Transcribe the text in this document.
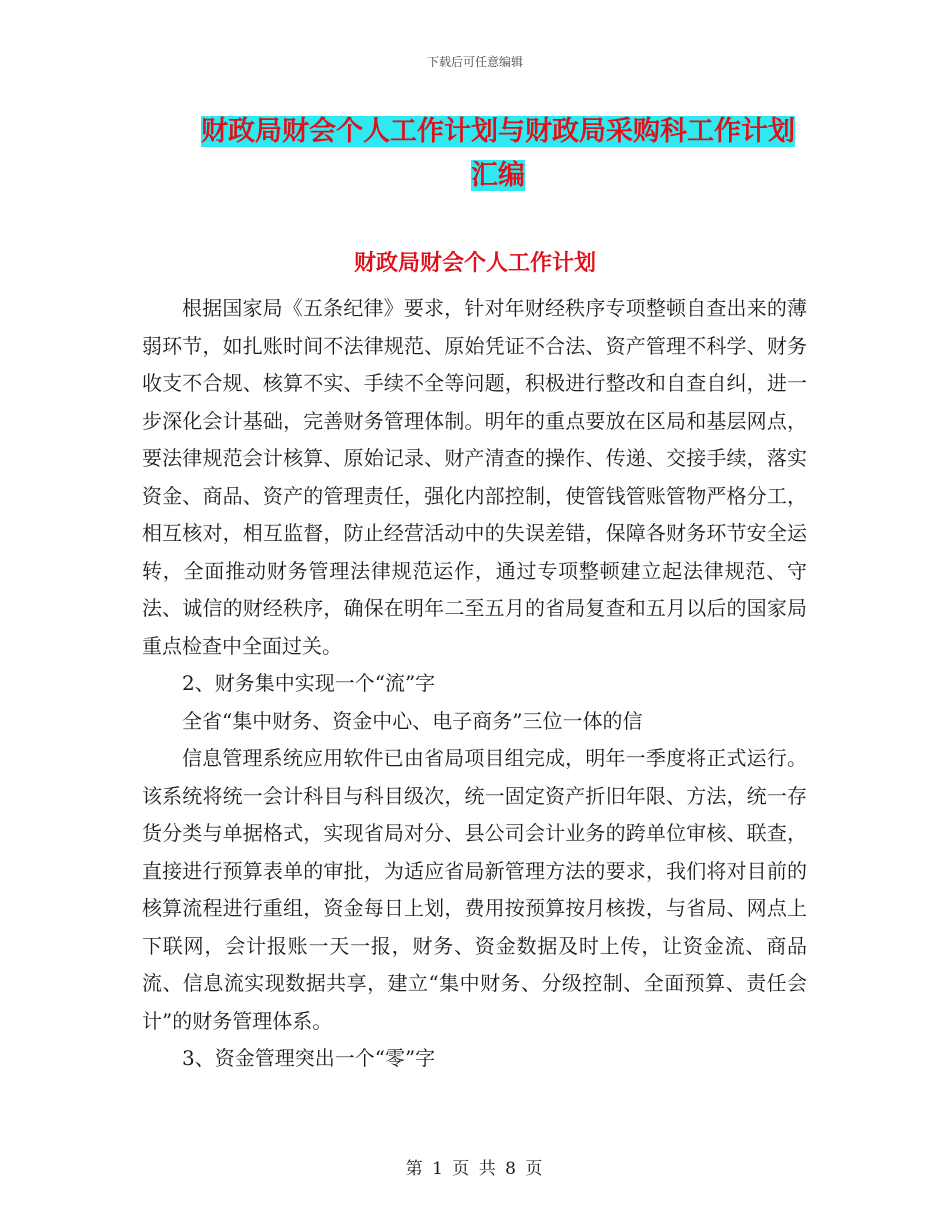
下载后可任意编辑
财政局财会个人工作计划与财政局采购科工作计划汇编
财政局财会个人工作计划

根据国家局《五条纪律》要求，针对年财经秩序专项整顿自查出来的薄弱环节，如扎账时间不法律规范、原始凭证不合法、资产管理不科学、财务收支不合规、核算不实、手续不全等问题，积极进行整改和自查自纠，进一步深化会计基础，完善财务管理体制。明年的重点要放在区局和基层网点，要法律规范会计核算、原始记录、财产清查的操作、传递、交接手续，落实资金、商品、资产的管理责任，强化内部控制，使管钱管账管物严格分工，相互核对，相互监督，防止经营活动中的失误差错，保障各财务环节安全运转，全面推动财务管理法律规范运作，通过专项整顿建立起法律规范、守法、诚信的财经秩序，确保在明年二至五月的省局复查和五月以后的国家局重点检查中全面过关。

2、财务集中实现一个“流”字

全省“集中财务、资金中心、电子商务”三位一体的信

信息管理系统应用软件已由省局项目组完成，明年一季度将正式运行。该系统将统一会计科目与科目级次，统一固定资产折旧年限、方法，统一存货分类与单据格式，实现省局对分、县公司会计业务的跨单位审核、联查，直接进行预算表单的审批，为适应省局新管理方法的要求，我们将对目前的核算流程进行重组，资金每日上划，费用按预算按月核拨，与省局、网点上下联网，会计报账一天一报，财务、资金数据及时上传，让资金流、商品流、信息流实现数据共享，建立“集中财务、分级控制、全面预算、责任会计”的财务管理体系。

3、资金管理突出一个“零”字

第 1 页 共 8 页
